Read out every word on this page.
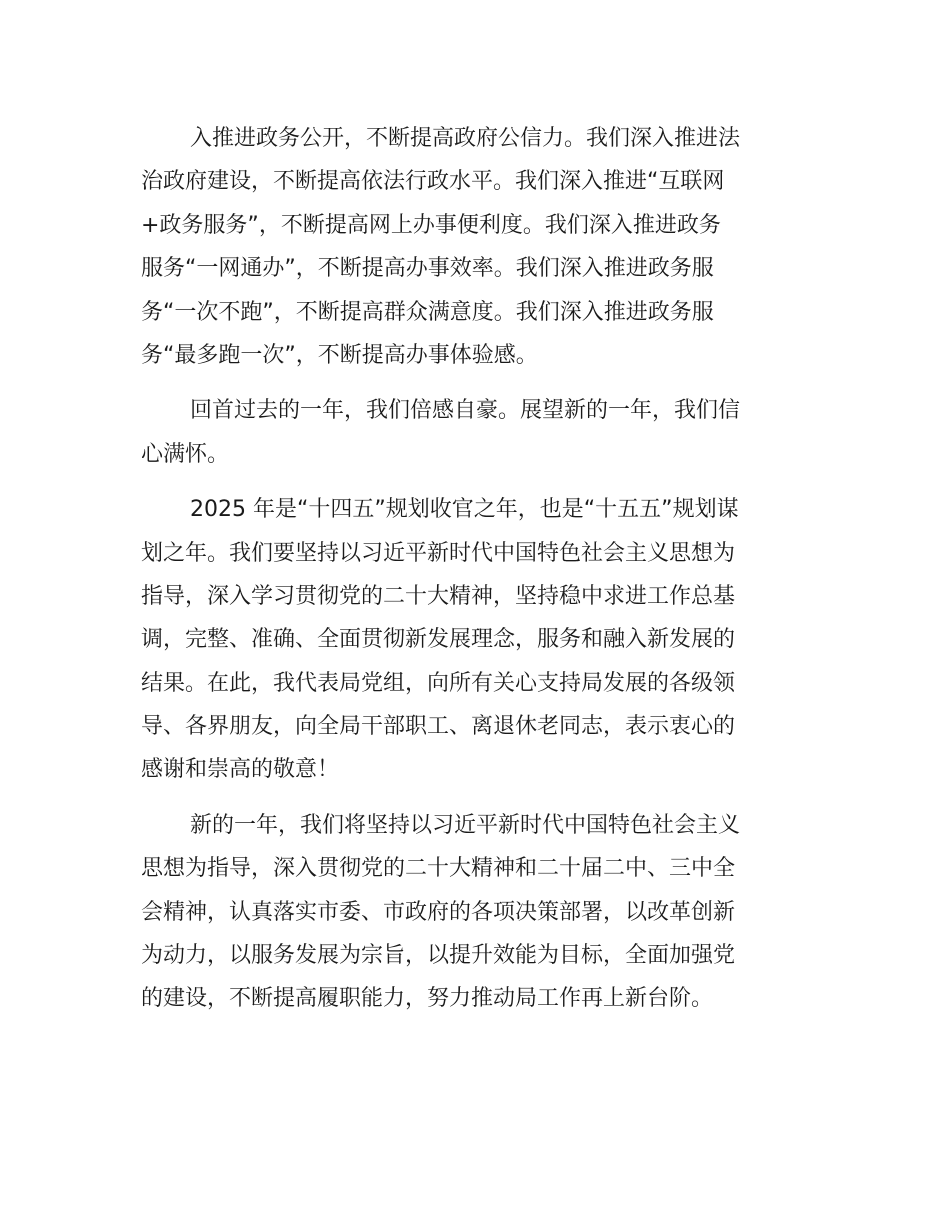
入推进政务公开，不断提高政府公信力。我们深入推进法
治政府建设，不断提高依法行政水平。我们深入推进“互联网
+政务服务”，不断提高网上办事便利度。我们深入推进政务
服务“一网通办”，不断提高办事效率。我们深入推进政务服
务“一次不跑”，不断提高群众满意度。我们深入推进政务服
务“最多跑一次”，不断提高办事体验感。
回首过去的一年，我们倍感自豪。展望新的一年，我们信
心满怀。
2025 年是“十四五”规划收官之年，也是“十五五”规划谋
划之年。我们要坚持以习近平新时代中国特色社会主义思想为
指导，深入学习贯彻党的二十大精神，坚持稳中求进工作总基
调，完整、准确、全面贯彻新发展理念，服务和融入新发展的
结果。在此，我代表局党组，向所有关心支持局发展的各级领
导、各界朋友，向全局干部职工、离退休老同志，表示衷心的
感谢和崇高的敬意！
新的一年，我们将坚持以习近平新时代中国特色社会主义
思想为指导，深入贯彻党的二十大精神和二十届二中、三中全
会精神，认真落实市委、市政府的各项决策部署，以改革创新
为动力，以服务发展为宗旨，以提升效能为目标，全面加强党
的建设，不断提高履职能力，努力推动局工作再上新台阶。
